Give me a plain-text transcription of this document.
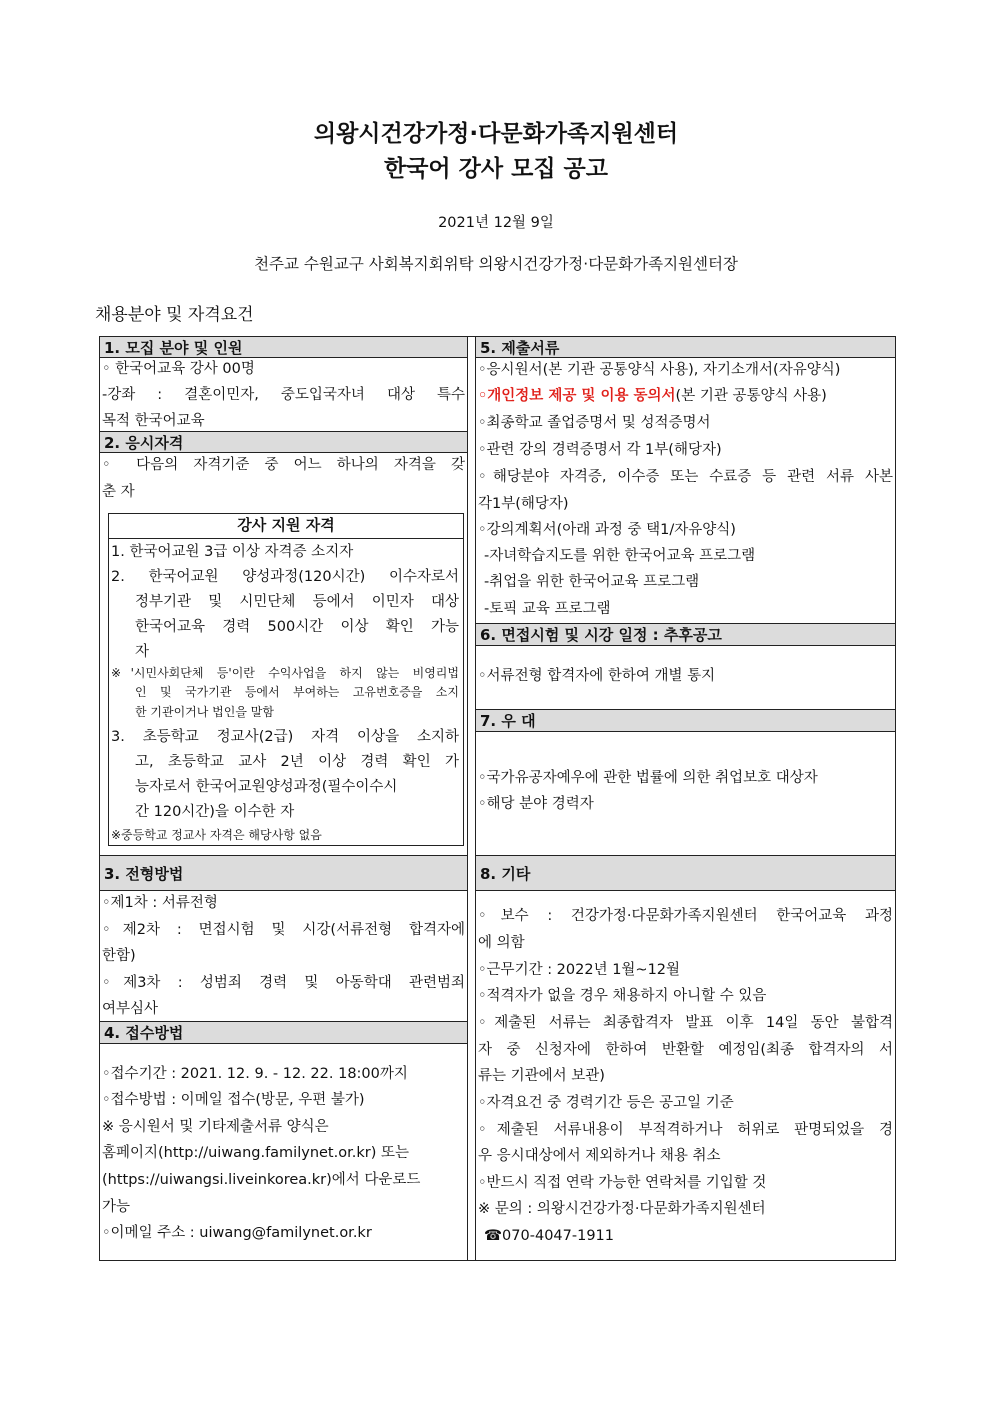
의왕시건강가정·다문화가족지원센터
한국어 강사 모집 공고
2021년 12월 9일
천주교 수원교구 사회복지회위탁 의왕시건강가정·다문화가족지원센터장
채용분야 및 자격요건
1. 모집 분야 및 인원
◦ 한국어교육 강사 00명
-강좌 : 결혼이민자, 중도입국자녀 대상 특수
목적 한국어교육
2. 응시자격
◦ 다음의 자격기준 중 어느 하나의 자격을 갖
춘 자
강사 지원 자격
1. 한국어교원 3급 이상 자격증 소지자
2. 한국어교원 양성과정(120시간) 이수자로서
정부기관 및 시민단체 등에서 이민자 대상
한국어교육 경력 500시간 이상 확인 가능
자
※'시민사회단체 등'이란 수익사업을 하지 않는 비영리법
인 및 국가기관 등에서 부여하는 고유번호증을 소지
한 기관이거나 법인을 말함
3. 초등학교 정교사(2급) 자격 이상을 소지하
고, 초등학교 교사 2년 이상 경력 확인 가
능자로서 한국어교원양성과정(필수이수시
간 120시간)을 이수한 자
※중등학교 정교사 자격은 해당사항 없음
3. 전형방법
◦제1차 : 서류전형
◦제2차 : 면접시험 및 시강(서류전형 합격자에
한함)
◦제3차 : 성범죄 경력 및 아동학대 관련범죄
여부심사
4. 접수방법
◦접수기간 : 2021. 12. 9. - 12. 22. 18:00까지
◦접수방법 : 이메일 접수(방문, 우편 불가)
※ 응시원서 및 기타제출서류 양식은
홈페이지(http://uiwang.familynet.or.kr) 또는
(https://uiwangsi.liveinkorea.kr)에서 다운로드
가능
◦이메일 주소 : uiwang@familynet.or.kr
5. 제출서류
◦응시원서(본 기관 공통양식 사용), 자기소개서(자유양식)
◦개인정보 제공 및 이용 동의서(본 기관 공통양식 사용)
◦최종학교 졸업증명서 및 성적증명서
◦관련 강의 경력증명서 각 1부(해당자)
◦해당분야 자격증, 이수증 또는 수료증 등 관련 서류 사본
각1부(해당자)
◦강의계획서(아래 과정 중 택1/자유양식)
-자녀학습지도를 위한 한국어교육 프로그램
-취업을 위한 한국어교육 프로그램
-토픽 교육 프로그램
6. 면접시험 및 시강 일정 : 추후공고
◦서류전형 합격자에 한하여 개별 통지
7. 우 대
◦국가유공자예우에 관한 법률에 의한 취업보호 대상자
◦해당 분야 경력자
8. 기타
◦보수 : 건강가정·다문화가족지원센터 한국어교육 과정
에 의함
◦근무기간 : 2022년 1월~12월
◦적격자가 없을 경우 채용하지 아니할 수 있음
◦제출된 서류는 최종합격자 발표 이후 14일 동안 불합격
자 중 신청자에 한하여 반환할 예정임(최종 합격자의 서
류는 기관에서 보관)
◦자격요건 중 경력기간 등은 공고일 기준
◦제출된 서류내용이 부적격하거나 허위로 판명되었을 경
우 응시대상에서 제외하거나 채용 취소
◦반드시 직접 연락 가능한 연락처를 기입할 것
※ 문의 : 의왕시건강가정·다문화가족지원센터
☎070-4047-1911
